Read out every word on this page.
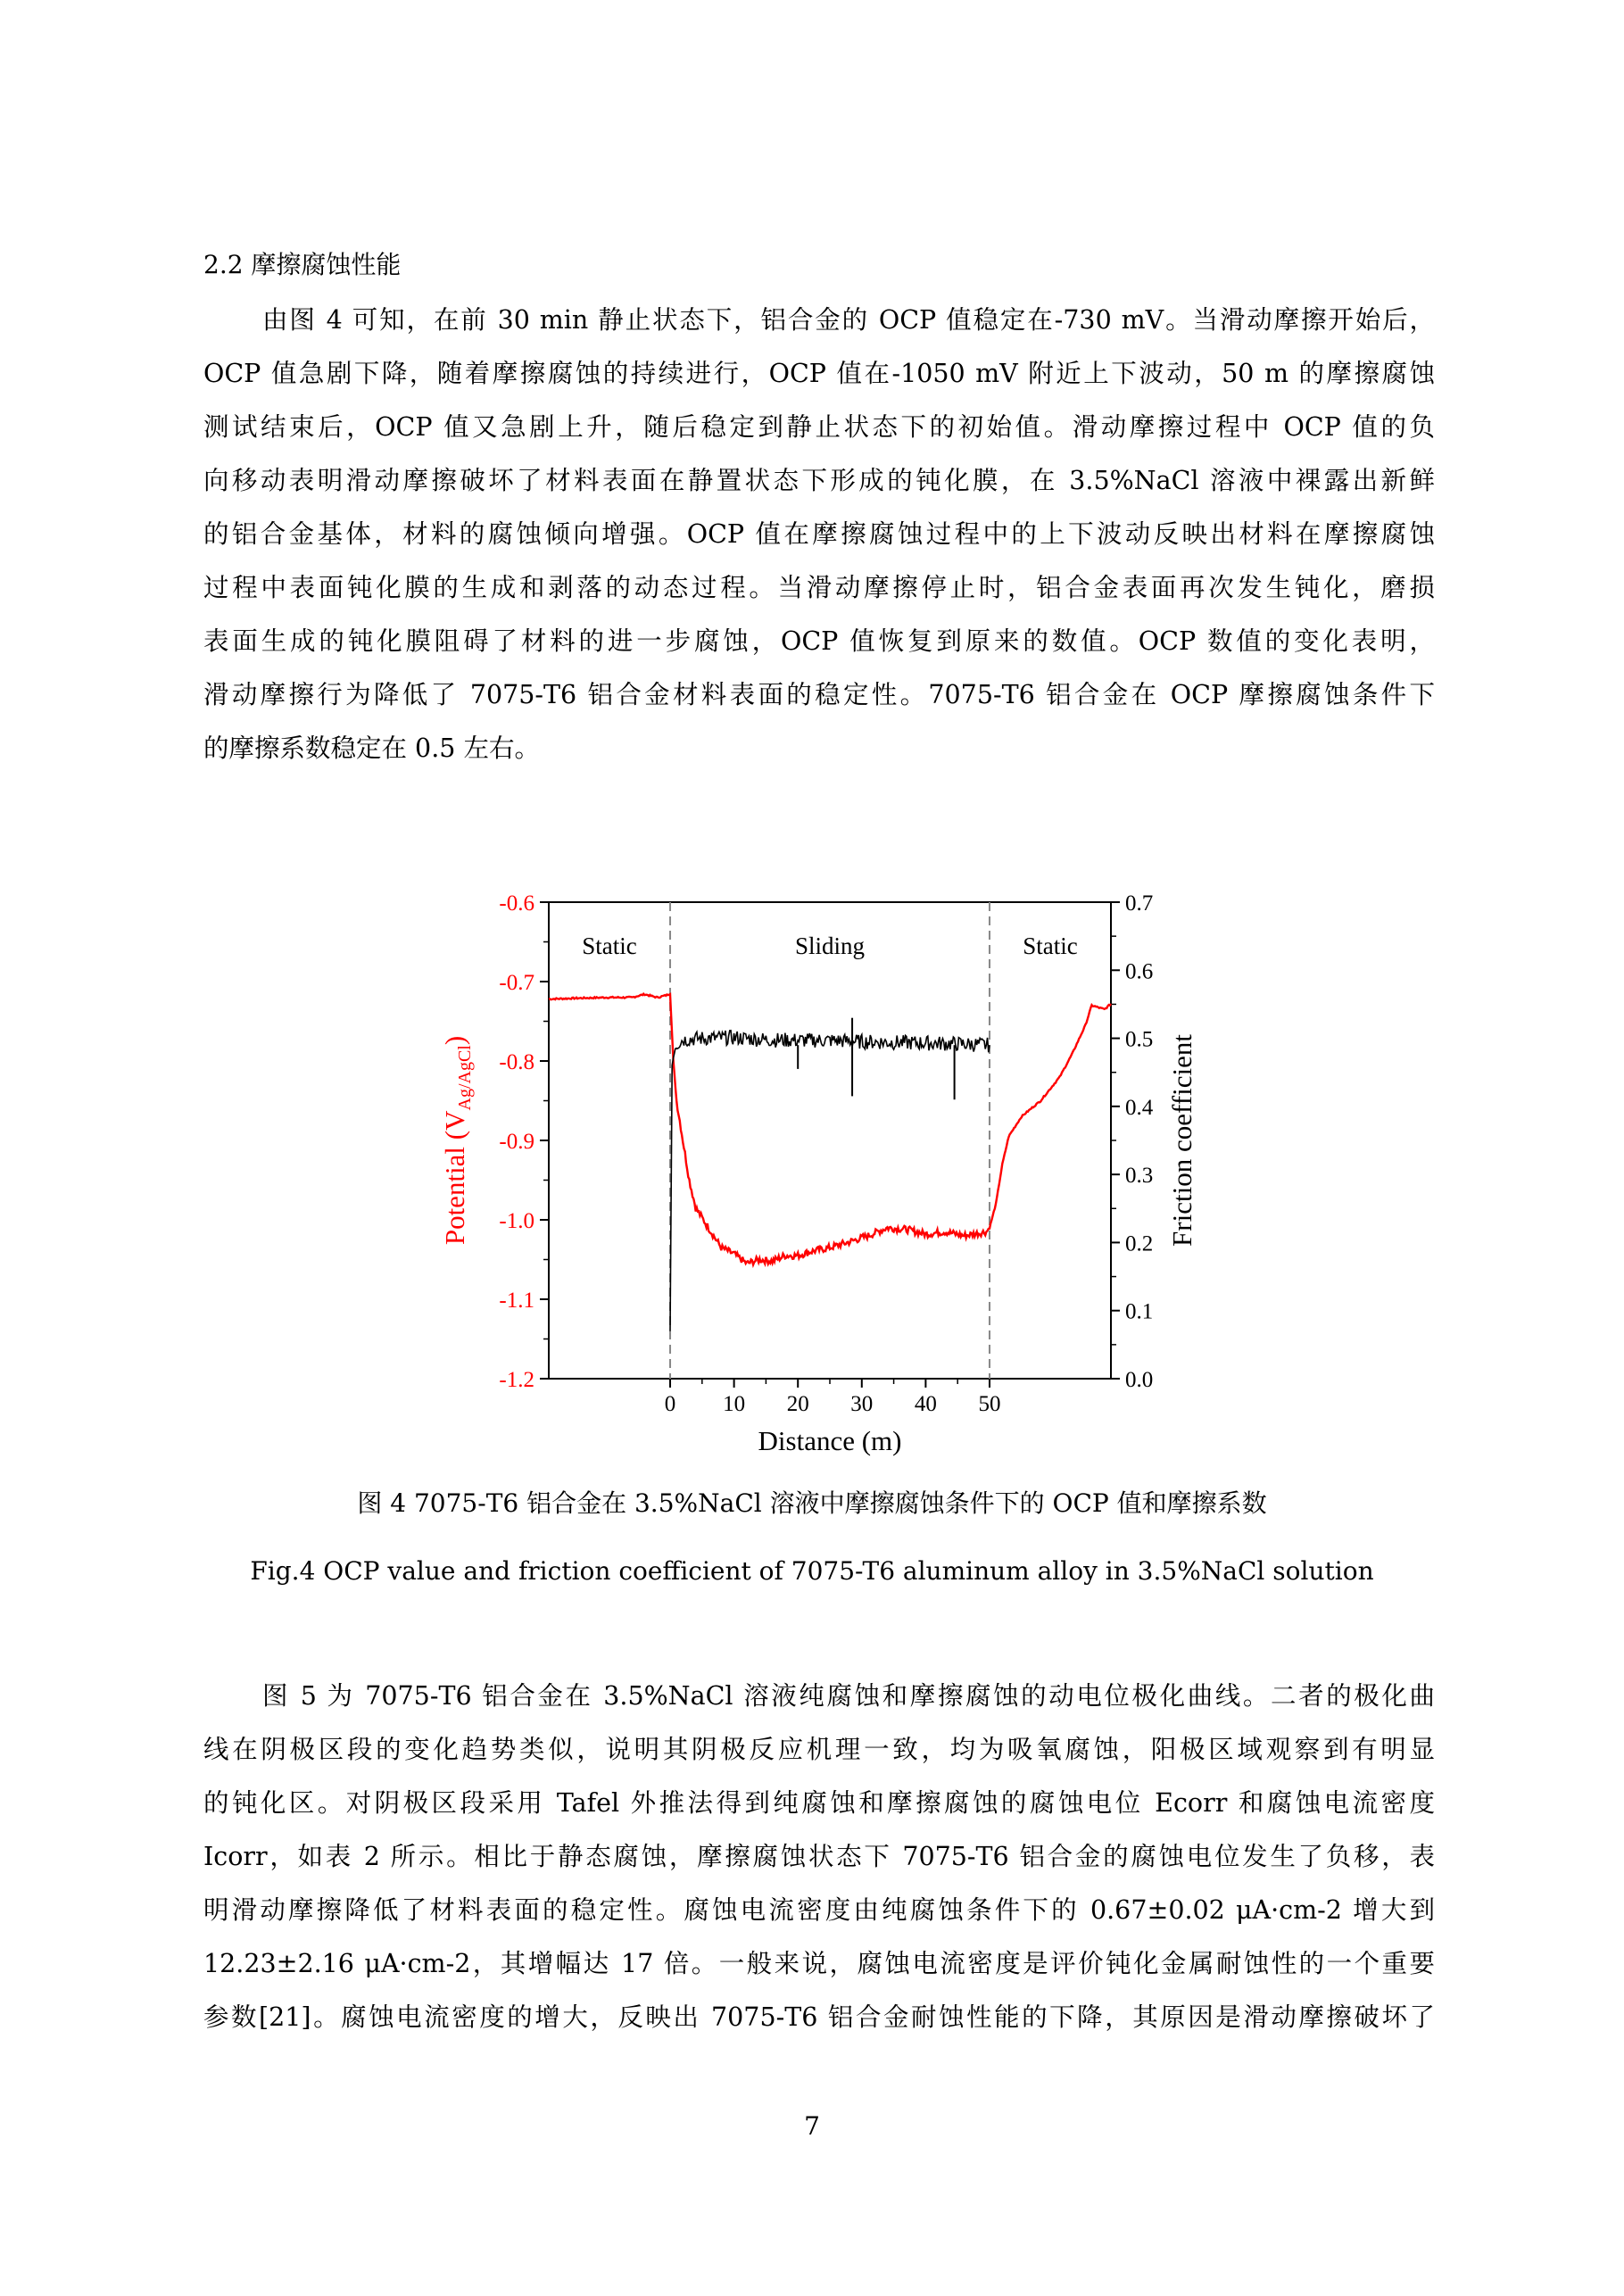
2.2 摩擦腐蚀性能
由图 4 可知，在前 30 min 静止状态下，铝合金的 OCP 值稳定在-730 mV。当滑动摩擦开始后，
OCP 值急剧下降，随着摩擦腐蚀的持续进行，OCP 值在-1050 mV 附近上下波动，50 m 的摩擦腐蚀
测试结束后，OCP 值又急剧上升，随后稳定到静止状态下的初始值。滑动摩擦过程中 OCP 值的负
向移动表明滑动摩擦破坏了材料表面在静置状态下形成的钝化膜，在 3.5%NaCl 溶液中裸露出新鲜
的铝合金基体，材料的腐蚀倾向增强。OCP 值在摩擦腐蚀过程中的上下波动反映出材料在摩擦腐蚀
过程中表面钝化膜的生成和剥落的动态过程。当滑动摩擦停止时，铝合金表面再次发生钝化，磨损
表面生成的钝化膜阻碍了材料的进一步腐蚀，OCP 值恢复到原来的数值。OCP 数值的变化表明，
滑动摩擦行为降低了 7075-T6 铝合金材料表面的稳定性。7075-T6 铝合金在 OCP 摩擦腐蚀条件下
的摩擦系数稳定在 0.5 左右。
-0.6
-0.7
-0.8
-0.9
-1.0
-1.1
-1.2
0.7
0.6
0.5
0.4
0.3
0.2
0.1
0.0
0 10 20 30 40 50
Static	Sliding	Static
Distance (m)
Potential $(V_{Ag/AgCl})$	Friction coefficient
图 4 7075-T6 铝合金在 3.5%NaCl 溶液中摩擦腐蚀条件下的 OCP 值和摩擦系数
Fig.4 OCP value and friction coefficient of 7075-T6 aluminum alloy in 3.5%NaCl solution
图 5 为 7075-T6 铝合金在 3.5%NaCl 溶液纯腐蚀和摩擦腐蚀的动电位极化曲线。二者的极化曲
线在阴极区段的变化趋势类似，说明其阴极反应机理一致，均为吸氧腐蚀，阳极区域观察到有明显
的钝化区。对阴极区段采用 Tafel 外推法得到纯腐蚀和摩擦腐蚀的腐蚀电位 Ecorr 和腐蚀电流密度
Icorr，如表 2 所示。相比于静态腐蚀，摩擦腐蚀状态下 7075-T6 铝合金的腐蚀电位发生了负移，表
明滑动摩擦降低了材料表面的稳定性。腐蚀电流密度由纯腐蚀条件下的 0.67±0.02 μA·cm-2 增大到
12.23±2.16 μA·cm-2，其增幅达 17 倍。一般来说，腐蚀电流密度是评价钝化金属耐蚀性的一个重要
参数[21]。腐蚀电流密度的增大，反映出 7075-T6 铝合金耐蚀性能的下降，其原因是滑动摩擦破坏了
7
